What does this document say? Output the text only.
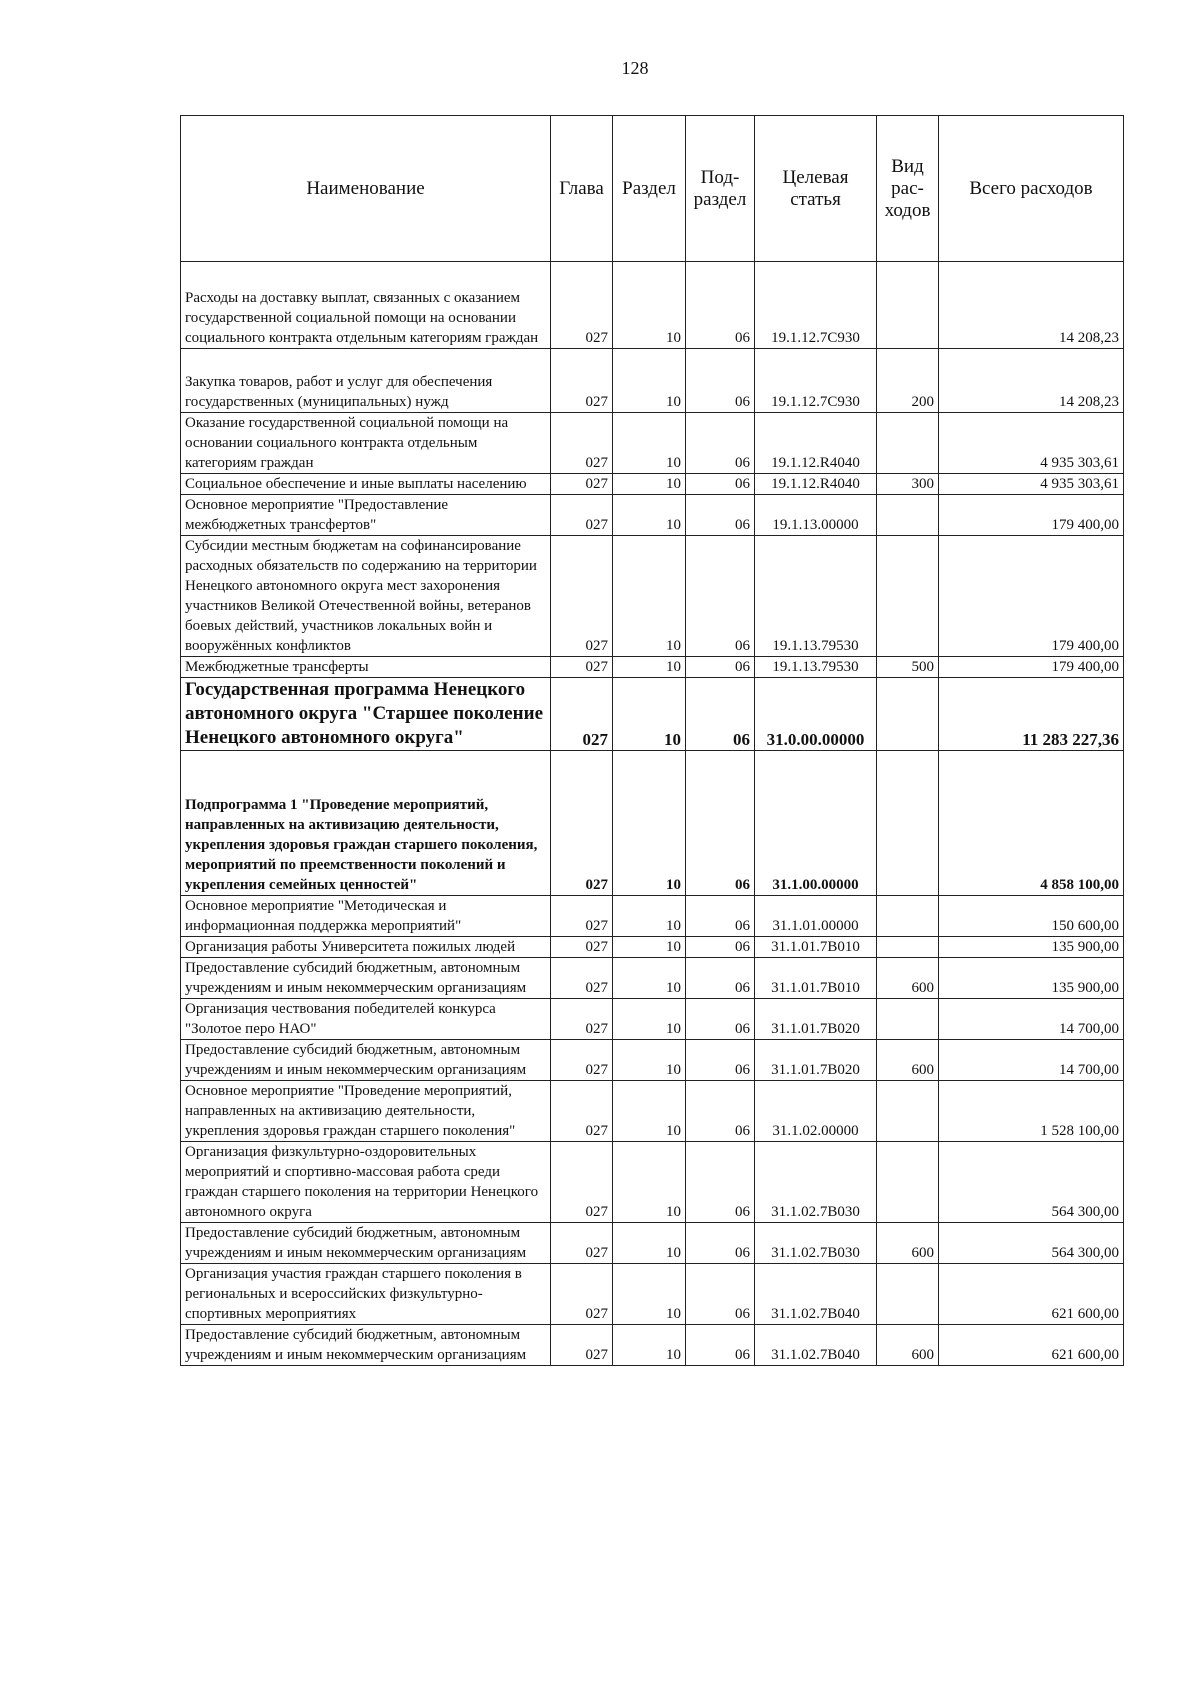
128
Наименование	Глава	Раздел	Под-раздел	Целевая статья	Вид рас-ходов	Всего расходов
Расходы на доставку выплат, связанных с оказанием государственной социальной помощи на основании социального контракта отдельным категориям граждан	027	10	06	19.1.12.7С930		14 208,23
Закупка товаров, работ и услуг для обеспечения государственных (муниципальных) нужд	027	10	06	19.1.12.7С930	200	14 208,23
Оказание государственной социальной помощи на основании социального контракта отдельным категориям граждан	027	10	06	19.1.12.R4040		4 935 303,61
Социальное обеспечение и иные выплаты населению	027	10	06	19.1.12.R4040	300	4 935 303,61
Основное мероприятие "Предоставление межбюджетных трансфертов"	027	10	06	19.1.13.00000		179 400,00
Субсидии местным бюджетам на софинансирование расходных обязательств по содержанию на территории Ненецкого автономного округа мест захоронения участников Великой Отечественной войны, ветеранов боевых действий, участников локальных войн и вооружённых конфликтов	027	10	06	19.1.13.79530		179 400,00
Межбюджетные трансферты	027	10	06	19.1.13.79530	500	179 400,00
Государственная программа Ненецкого автономного округа "Старшее поколение Ненецкого автономного округа"	027	10	06	31.0.00.00000		11 283 227,36
Подпрограмма 1 "Проведение мероприятий, направленных на активизацию деятельности, укрепления здоровья граждан старшего поколения, мероприятий по преемственности поколений и укрепления семейных ценностей"	027	10	06	31.1.00.00000		4 858 100,00
Основное мероприятие "Методическая и информационная поддержка мероприятий"	027	10	06	31.1.01.00000		150 600,00
Организация работы Университета пожилых людей	027	10	06	31.1.01.7В010		135 900,00
Предоставление субсидий бюджетным, автономным учреждениям и иным некоммерческим организациям	027	10	06	31.1.01.7В010	600	135 900,00
Организация чествования победителей конкурса "Золотое перо НАО"	027	10	06	31.1.01.7В020		14 700,00
Предоставление субсидий бюджетным, автономным учреждениям и иным некоммерческим организациям	027	10	06	31.1.01.7В020	600	14 700,00
Основное мероприятие "Проведение мероприятий, направленных на активизацию деятельности, укрепления здоровья граждан старшего поколения"	027	10	06	31.1.02.00000		1 528 100,00
Организация физкультурно-оздоровительных мероприятий и спортивно-массовая работа среди граждан старшего поколения на территории Ненецкого автономного округа	027	10	06	31.1.02.7В030		564 300,00
Предоставление субсидий бюджетным, автономным учреждениям и иным некоммерческим организациям	027	10	06	31.1.02.7В030	600	564 300,00
Организация участия граждан старшего поколения в региональных и всероссийских физкультурно-спортивных мероприятиях	027	10	06	31.1.02.7В040		621 600,00
Предоставление субсидий бюджетным, автономным учреждениям и иным некоммерческим организациям	027	10	06	31.1.02.7В040	600	621 600,00
